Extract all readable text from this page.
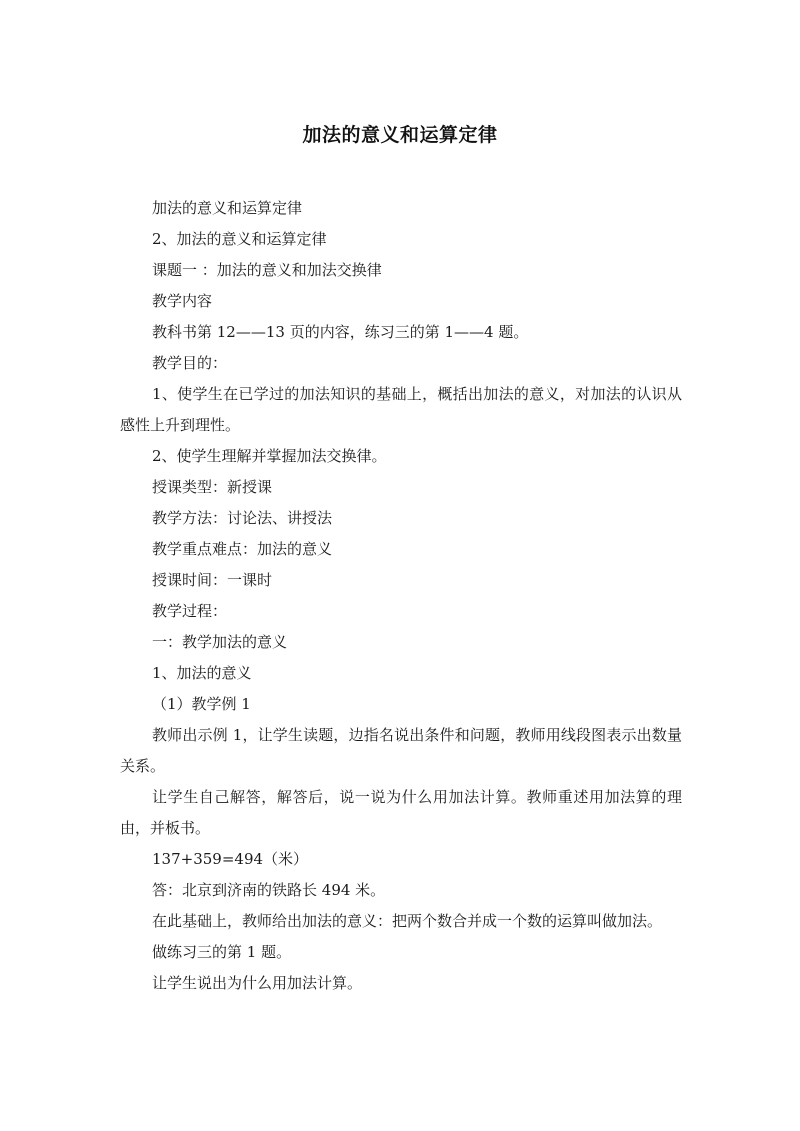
加法的意义和运算定律

加法的意义和运算定律

2、加法的意义和运算定律

课题一 ：加法的意义和加法交换律

教学内容

教科书第 12——13 页的内容，练习三的第 1——4 题。

教学目的：

1、使学生在已学过的加法知识的基础上，概括出加法的意义，对加法的认识从感性上升到理性。

2、使学生理解并掌握加法交换律。

授课类型：新授课

教学方法：讨论法、讲授法

教学重点难点：加法的意义

授课时间：一课时

教学过程：

一：教学加法的意义

1、加法的意义

（1）教学例 1

教师出示例 1，让学生读题，边指名说出条件和问题，教师用线段图表示出数量关系。

让学生自己解答，解答后，说一说为什么用加法计算。教师重述用加法算的理由，并板书。

137+359=494（米）

答：北京到济南的铁路长 494 米。

在此基础上，教师给出加法的意义：把两个数合并成一个数的运算叫做加法。

做练习三的第 1 题。

让学生说出为什么用加法计算。
